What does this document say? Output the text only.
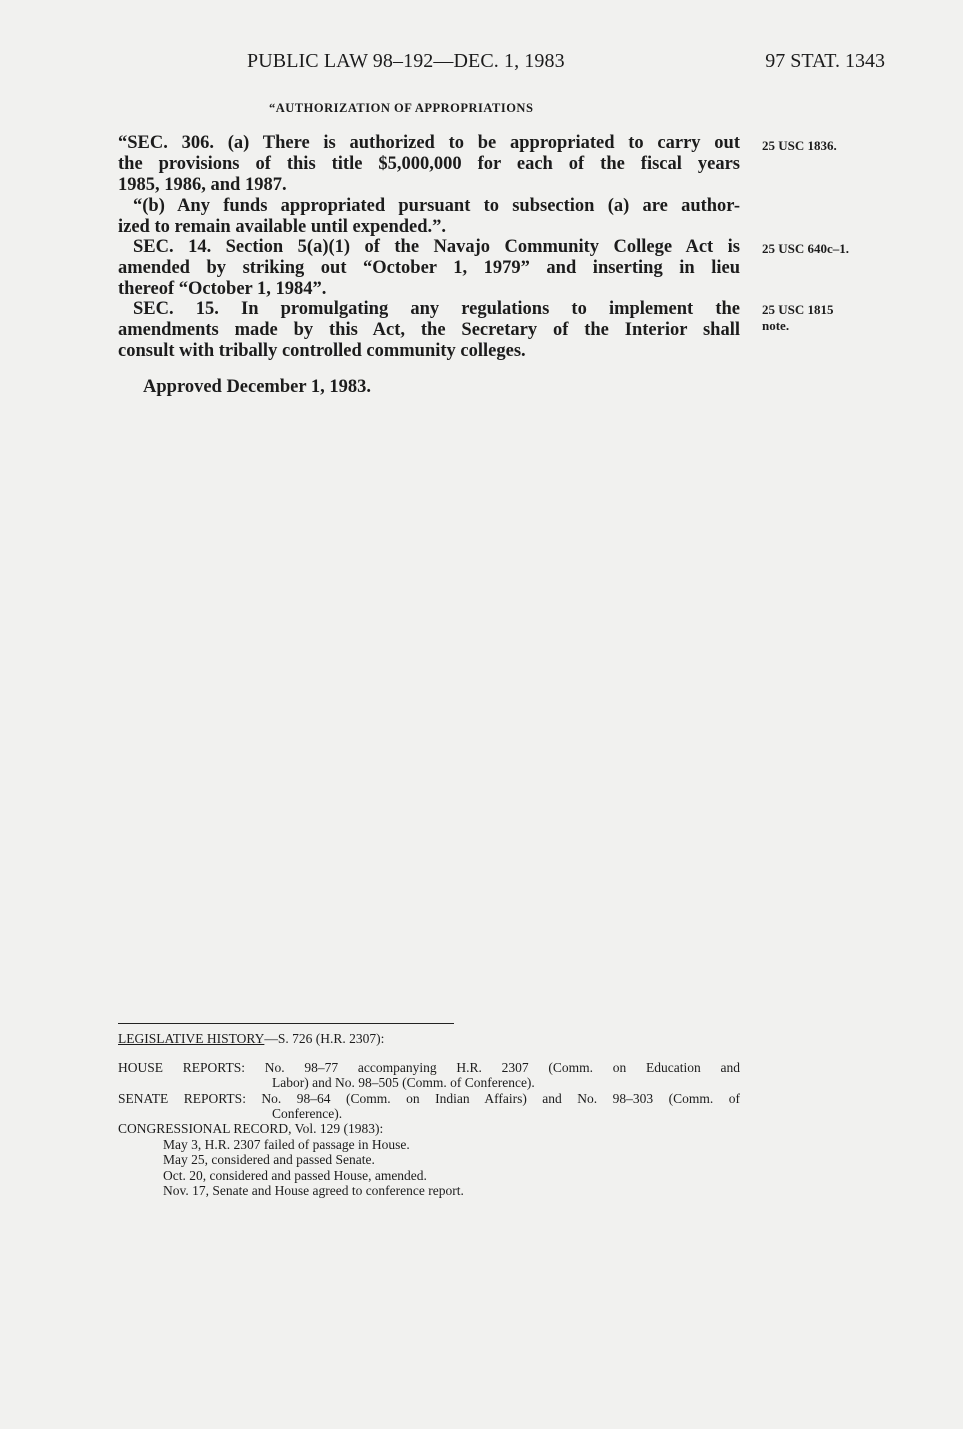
PUBLIC LAW 98–192—DEC. 1, 1983	97 STAT. 1343
“AUTHORIZATION OF APPROPRIATIONS
“SEC. 306. (a) There is authorized to be appropriated to carry out
the provisions of this title $5,000,000 for each of the fiscal years
1985, 1986, and 1987.
“(b) Any funds appropriated pursuant to subsection (a) are author-
ized to remain available until expended.”.
SEC. 14. Section 5(a)(1) of the Navajo Community College Act is
amended by striking out “October 1, 1979” and inserting in lieu
thereof “October 1, 1984”.
SEC. 15. In promulgating any regulations to implement the
amendments made by this Act, the Secretary of the Interior shall
consult with tribally controlled community colleges.
25 USC 1836.
25 USC 640c–1.
25 USC 1815
note.
Approved December 1, 1983.
LEGISLATIVE HISTORY—S. 726 (H.R. 2307):
HOUSE REPORTS: No. 98–77 accompanying H.R. 2307 (Comm. on Education and
Labor) and No. 98–505 (Comm. of Conference).
SENATE REPORTS: No. 98–64 (Comm. on Indian Affairs) and No. 98–303 (Comm. of
Conference).
CONGRESSIONAL RECORD, Vol. 129 (1983):
May 3, H.R. 2307 failed of passage in House.
May 25, considered and passed Senate.
Oct. 20, considered and passed House, amended.
Nov. 17, Senate and House agreed to conference report.
